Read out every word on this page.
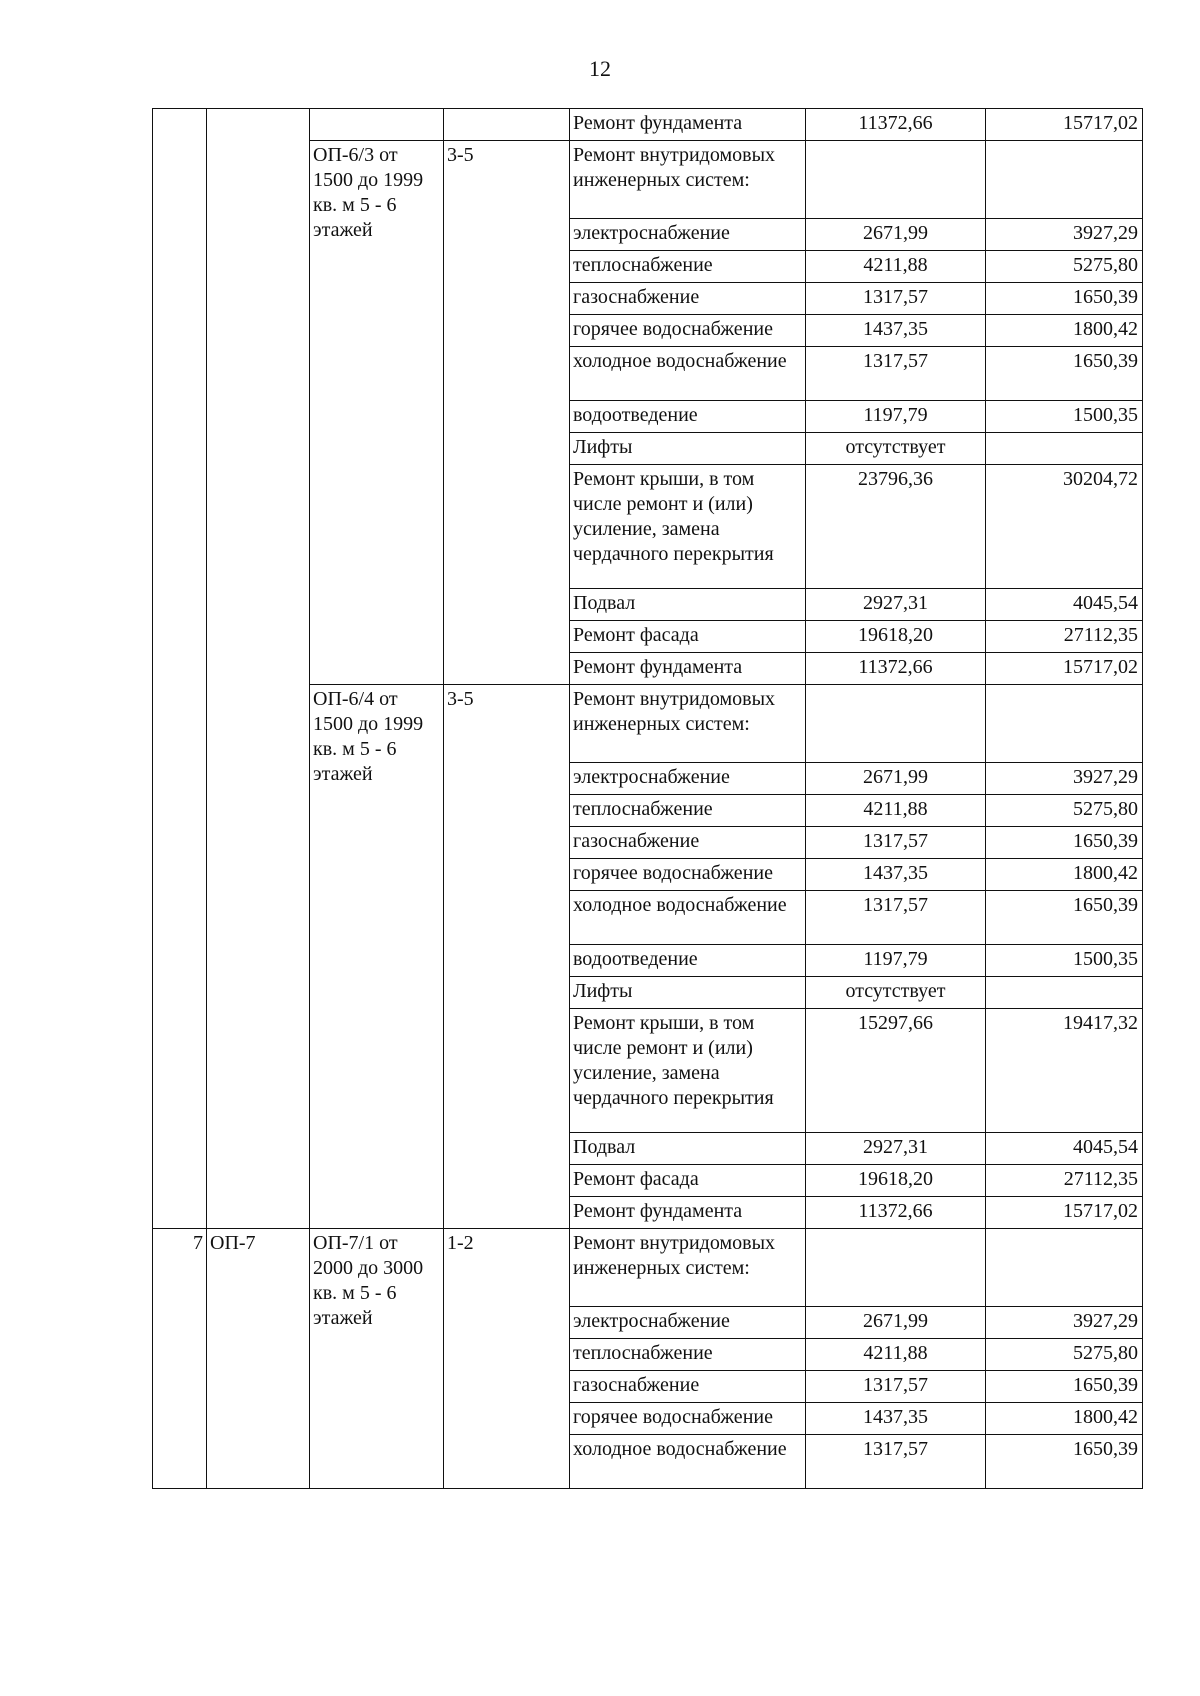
12
				Ремонт фундамента	11372,66	15717,02
		ОП-6/3 от 1500 до 1999 кв. м 5 - 6 этажей	3-5	Ремонт внутридомовых инженерных систем:		
				электроснабжение	2671,99	3927,29
				теплоснабжение	4211,88	5275,80
				газоснабжение	1317,57	1650,39
				горячее водоснабжение	1437,35	1800,42
				холодное водоснабжение	1317,57	1650,39
				водоотведение	1197,79	1500,35
				Лифты	отсутствует	
				Ремонт крыши, в том числе ремонт и (или) усиление, замена чердачного перекрытия	23796,36	30204,72
				Подвал	2927,31	4045,54
				Ремонт фасада	19618,20	27112,35
				Ремонт фундамента	11372,66	15717,02
		ОП-6/4 от 1500 до 1999 кв. м 5 - 6 этажей	3-5	Ремонт внутридомовых инженерных систем:		
				электроснабжение	2671,99	3927,29
				теплоснабжение	4211,88	5275,80
				газоснабжение	1317,57	1650,39
				горячее водоснабжение	1437,35	1800,42
				холодное водоснабжение	1317,57	1650,39
				водоотведение	1197,79	1500,35
				Лифты	отсутствует	
				Ремонт крыши, в том числе ремонт и (или) усиление, замена чердачного перекрытия	15297,66	19417,32
				Подвал	2927,31	4045,54
				Ремонт фасада	19618,20	27112,35
				Ремонт фундамента	11372,66	15717,02
7	ОП-7	ОП-7/1 от 2000 до 3000 кв. м 5 - 6 этажей	1-2	Ремонт внутридомовых инженерных систем:		
				электроснабжение	2671,99	3927,29
				теплоснабжение	4211,88	5275,80
				газоснабжение	1317,57	1650,39
				горячее водоснабжение	1437,35	1800,42
				холодное водоснабжение	1317,57	1650,39
